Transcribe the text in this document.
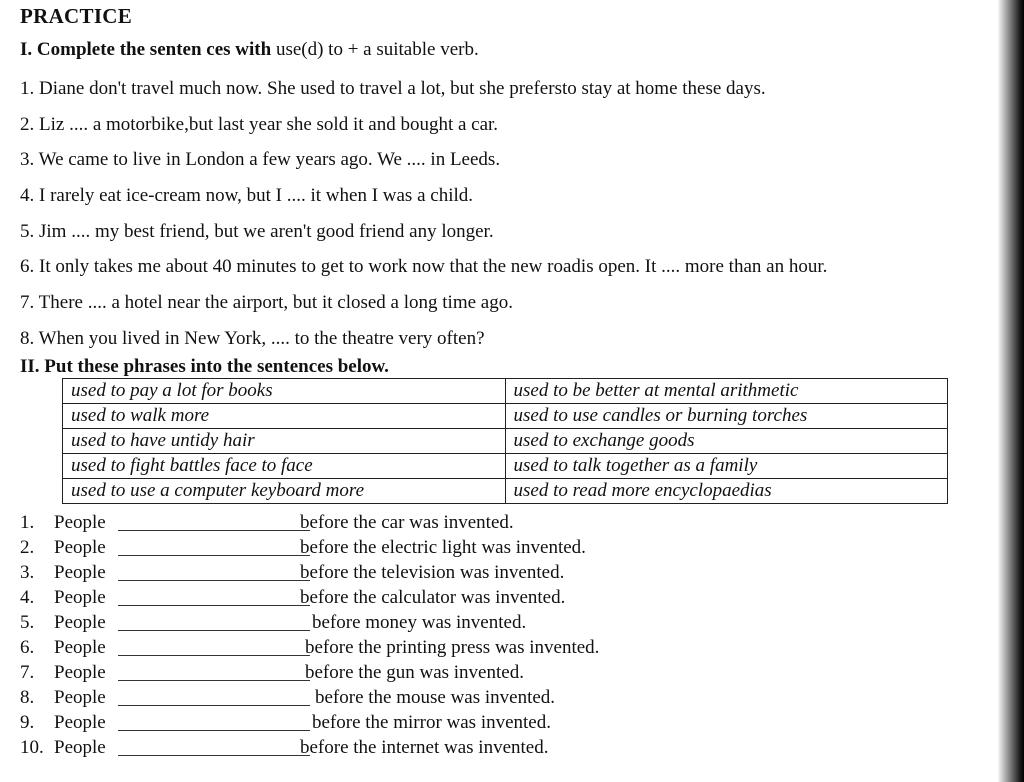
PRACTICE
I. Complete the senten ces with use(d) to + a suitable verb.
1. Diane don't travel much now. She used to travel a lot, but she prefersto stay at home these days.
2. Liz .... a motorbike,but last year she sold it and bought a car.
3. We came to live in London a few years ago. We .... in Leeds.
4. I rarely eat ice-cream now, but I .... it when I was a child.
5. Jim .... my best friend, but we aren't good friend any longer.
6. It only takes me about 40 minutes to get to work now that the new roadis open. It .... more than an hour.
7. There .... a hotel near the airport, but it closed a long time ago.
8. When you lived in New York, .... to the theatre very often?
II. Put these phrases into the sentences below.
used to pay a lot for books	used to be better at mental arithmetic
used to walk more	used to use candles or burning torches
used to have untidy hair	used to exchange goods
used to fight battles face to face	used to talk together as a family
used to use a computer keyboard more	used to read more encyclopaedias
1.	People	before the car was invented.
2.	People	before the electric light was invented.
3.	People	before the television was invented.
4.	People	before the calculator was invented.
5.	People	before money was invented.
6.	People	before the printing press was invented.
7.	People	before the gun was invented.
8.	People	before the mouse was invented.
9.	People	before the mirror was invented.
10. People	before the internet was invented.
